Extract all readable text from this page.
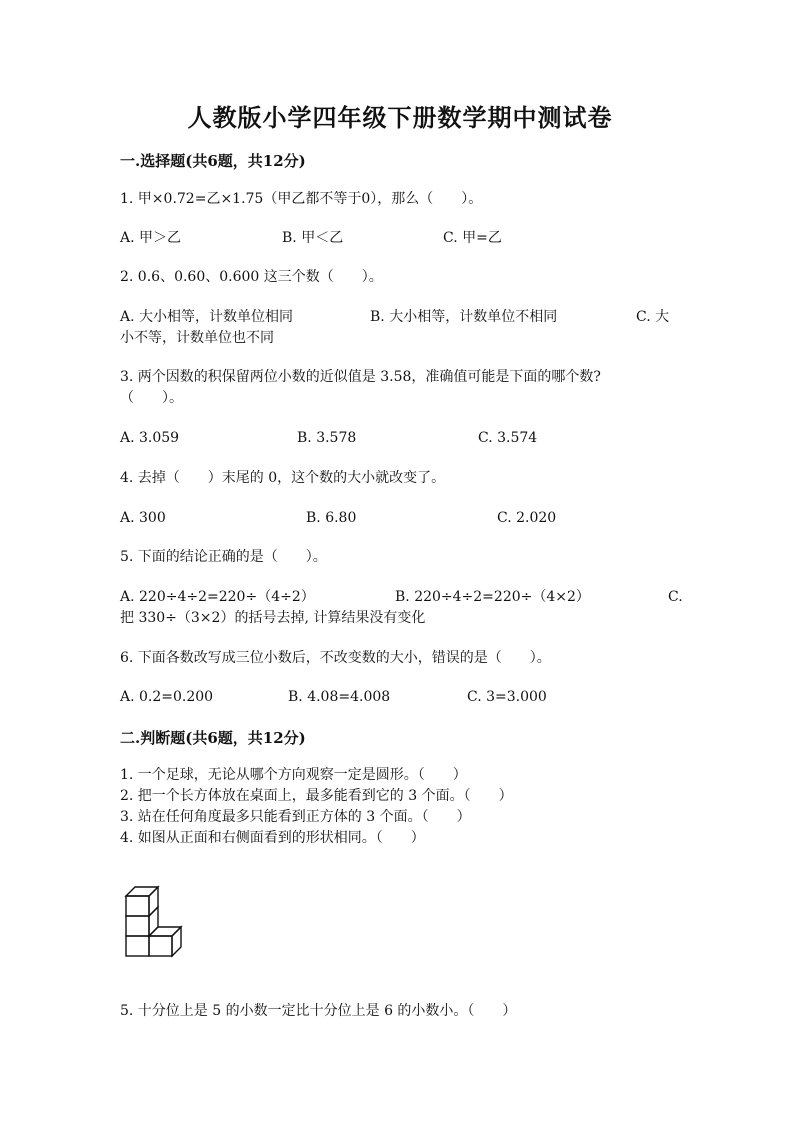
人教版小学四年级下册数学期中测试卷
一.选择题(共6题，共12分)
1. 甲×0.72=乙×1.75（甲乙都不等于0），那么（　　）。
A. 甲＞乙	B. 甲＜乙	C. 甲=乙
2. 0.6、0.60、0.600 这三个数（　　）。
A. 大小相等，计数单位相同	B. 大小相等，计数单位不相同	C. 大
小不等，计数单位也不同
3. 两个因数的积保留两位小数的近似值是 3.58，准确值可能是下面的哪个数?
（　　）。
A. 3.059	B. 3.578	C. 3.574
4. 去掉（　　）末尾的 0，这个数的大小就改变了。
A. 300	B. 6.80	C. 2.020
5. 下面的结论正确的是（　　）。
A. 220÷4÷2=220÷（4÷2）	B. 220÷4÷2=220÷（4×2）	C.
把 330÷（3×2）的括号去掉, 计算结果没有变化
6. 下面各数改写成三位小数后，不改变数的大小，错误的是（　　）。
A. 0.2=0.200	B. 4.08=4.008	C. 3=3.000
二.判断题(共6题，共12分)
1. 一个足球，无论从哪个方向观察一定是圆形。（　　）
2. 把一个长方体放在桌面上，最多能看到它的 3 个面。（　　）
3. 站在任何角度最多只能看到正方体的 3 个面。（　　）
4. 如图从正面和右侧面看到的形状相同。（　　）
5. 十分位上是 5 的小数一定比十分位上是 6 的小数小。（　　）
